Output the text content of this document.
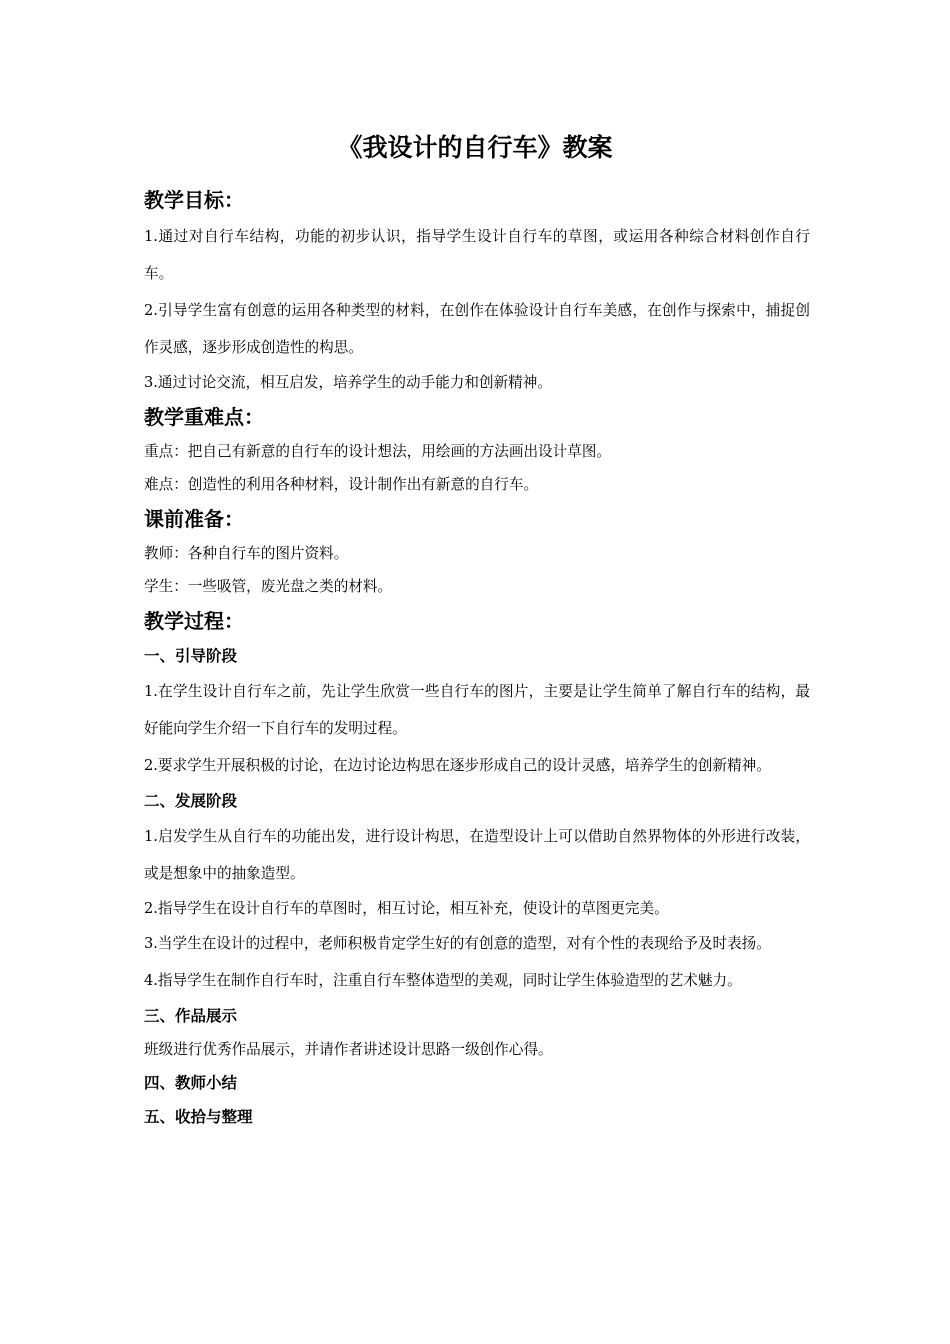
《我设计的自行车》教案
教学目标：
1.通过对自行车结构，功能的初步认识，指导学生设计自行车的草图，或运用各种综合材料创作自行车。
2.引导学生富有创意的运用各种类型的材料，在创作在体验设计自行车美感，在创作与探索中，捕捉创作灵感，逐步形成创造性的构思。
3.通过讨论交流，相互启发，培养学生的动手能力和创新精神。
教学重难点：
重点：把自己有新意的自行车的设计想法，用绘画的方法画出设计草图。
难点：创造性的利用各种材料，设计制作出有新意的自行车。
课前准备：
教师：各种自行车的图片资料。
学生：一些吸管，废光盘之类的材料。
教学过程：
一、引导阶段
1.在学生设计自行车之前，先让学生欣赏一些自行车的图片，主要是让学生简单了解自行车的结构，最好能向学生介绍一下自行车的发明过程。
2.要求学生开展积极的讨论，在边讨论边构思在逐步形成自己的设计灵感，培养学生的创新精神。
二、发展阶段
1.启发学生从自行车的功能出发，进行设计构思，在造型设计上可以借助自然界物体的外形进行改装，或是想象中的抽象造型。
2.指导学生在设计自行车的草图时，相互讨论，相互补充，使设计的草图更完美。
3.当学生在设计的过程中，老师积极肯定学生好的有创意的造型，对有个性的表现给予及时表扬。
4.指导学生在制作自行车时，注重自行车整体造型的美观，同时让学生体验造型的艺术魅力。
三、作品展示
班级进行优秀作品展示，并请作者讲述设计思路一级创作心得。
四、教师小结
五、收拾与整理
